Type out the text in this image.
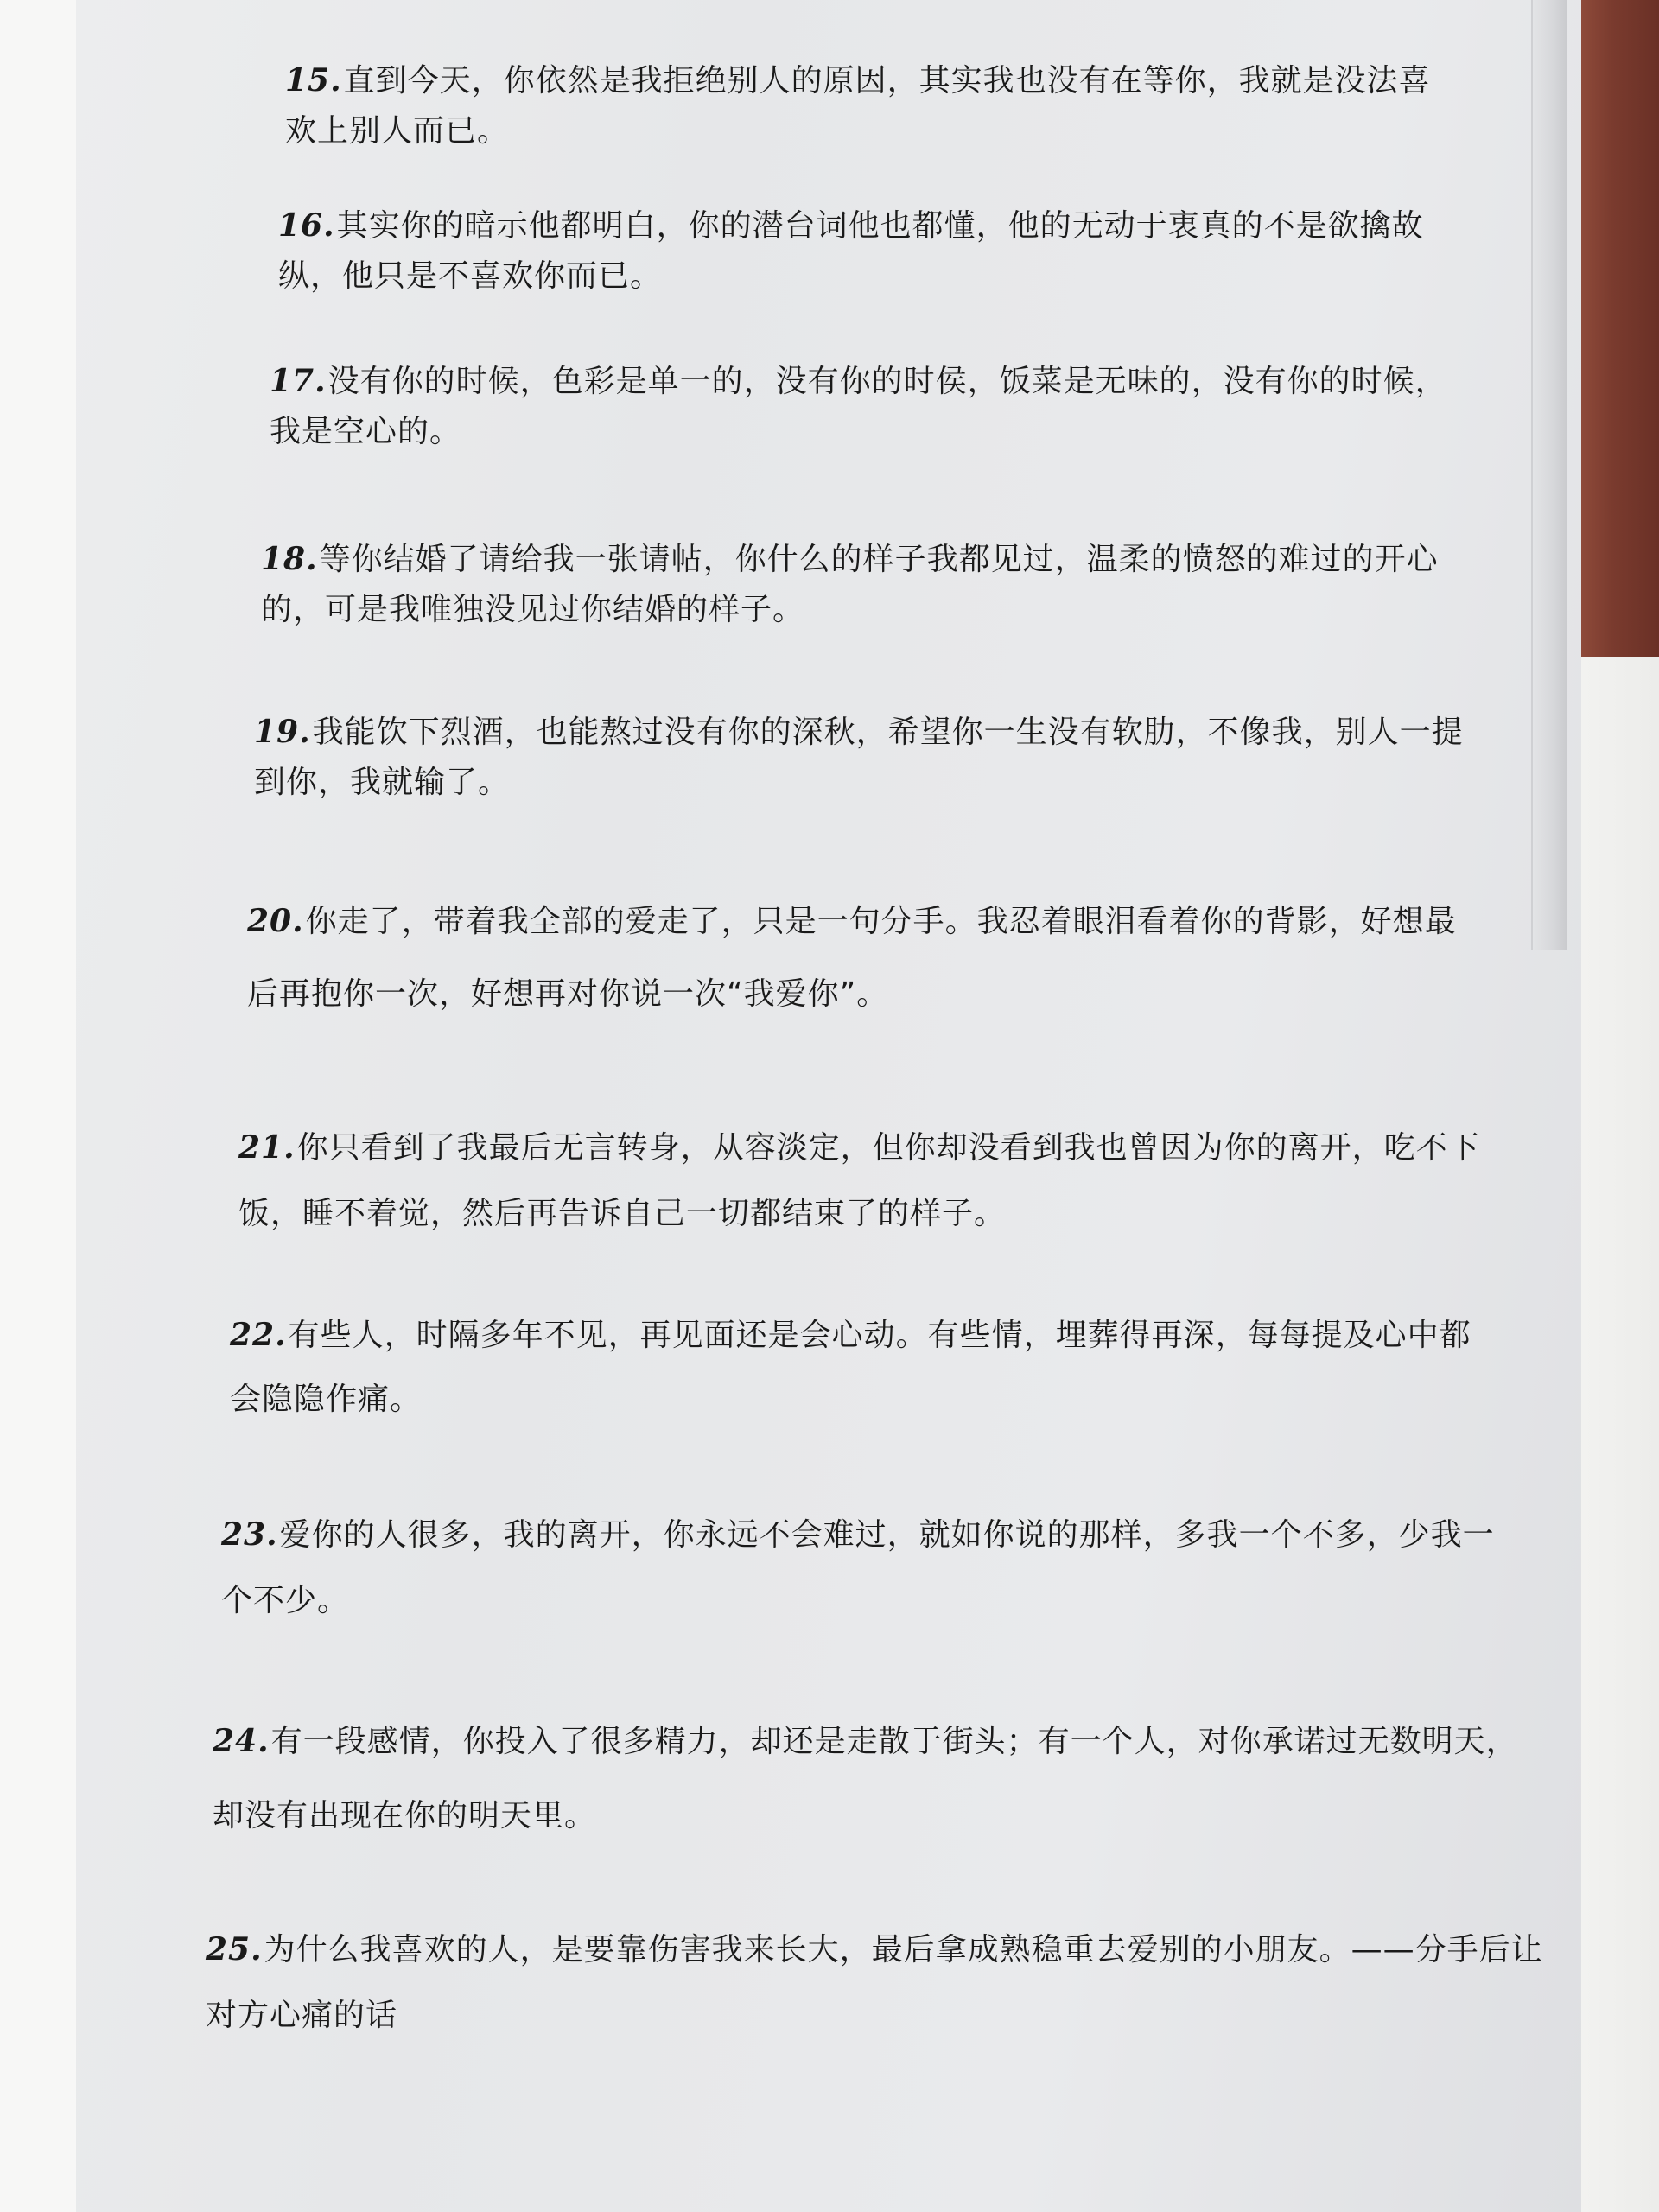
15.直到今天，你依然是我拒绝别人的原因，其实我也没有在等你，我就是没法喜欢上别人而已。
16.其实你的暗示他都明白，你的潜台词他也都懂，他的无动于衷真的不是欲擒故纵，他只是不喜欢你而已。
17.没有你的时候，色彩是单一的，没有你的时侯，饭菜是无味的，没有你的时候，我是空心的。
18.等你结婚了请给我一张请帖，你什么的样子我都见过，温柔的愤怒的难过的开心的，可是我唯独没见过你结婚的样子。
19.我能饮下烈酒，也能熬过没有你的深秋，希望你一生没有软肋，不像我，别人一提到你，我就输了。
20.你走了，带着我全部的爱走了，只是一句分手。我忍着眼泪看着你的背影，好想最后再抱你一次，好想再对你说一次“我爱你”。
21.你只看到了我最后无言转身，从容淡定，但你却没看到我也曾因为你的离开，吃不下饭，睡不着觉，然后再告诉自己一切都结束了的样子。
22.有些人，时隔多年不见，再见面还是会心动。有些情，埋葬得再深，每每提及心中都会隐隐作痛。
23.爱你的人很多，我的离开，你永远不会难过，就如你说的那样，多我一个不多，少我一个不少。
24.有一段感情，你投入了很多精力，却还是走散于街头；有一个人，对你承诺过无数明天，却没有出现在你的明天里。
25.为什么我喜欢的人，是要靠伤害我来长大，最后拿成熟稳重去爱别的小朋友。——分手后让对方心痛的话
